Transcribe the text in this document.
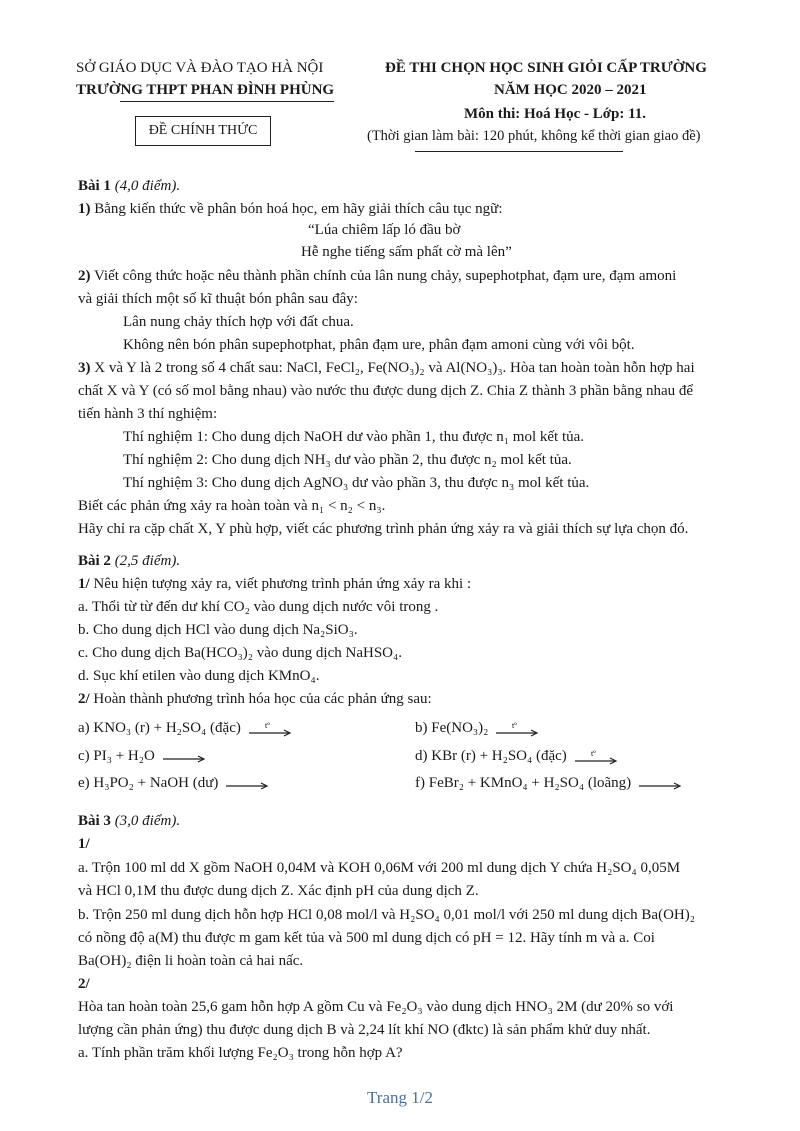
SỞ GIÁO DỤC VÀ ĐÀO TẠO HÀ NỘI
TRƯỜNG THPT PHAN ĐÌNH PHÙNG
ĐỀ CHÍNH THỨC
ĐỀ THI CHỌN HỌC SINH GIỎI CẤP TRƯỜNG
NĂM HỌC 2020 – 2021
Môn thi: Hoá Học - Lớp: 11.
(Thời gian làm bài: 120 phút, không kể thời gian giao đề)
Bài 1 (4,0 điểm).
1) Bằng kiến thức về phân bón hoá học, em hãy giải thích câu tục ngữ:
“Lúa chiêm lấp ló đầu bờ
Hễ nghe tiếng sấm phất cờ mà lên”
2) Viết công thức hoặc nêu thành phần chính của lân nung chảy, supephotphat, đạm ure, đạm amoni
và giải thích một số kĩ thuật bón phân sau đây:
Lân nung chảy thích hợp với đất chua.
Không nên bón phân supephotphat, phân đạm ure, phân đạm amoni cùng với vôi bột.
3) X và Y là 2 trong số 4 chất sau: NaCl, FeCl₂, Fe(NO₃)₂ và Al(NO₃)₃. Hòa tan hoàn toàn hỗn hợp hai
chất X và Y (có số mol bằng nhau) vào nước thu được dung dịch Z. Chia Z thành 3 phần bằng nhau để
tiến hành 3 thí nghiệm:
Thí nghiệm 1: Cho dung dịch NaOH dư vào phần 1, thu được n₁ mol kết tủa.
Thí nghiệm 2: Cho dung dịch NH₃ dư vào phần 2, thu được n₂ mol kết tủa.
Thí nghiệm 3: Cho dung dịch AgNO₃ dư vào phần 3, thu được n₃ mol kết tủa.
Biết các phản ứng xảy ra hoàn toàn và n₁ < n₂ < n₃.
Hãy chỉ ra cặp chất X, Y phù hợp, viết các phương trình phản ứng xảy ra và giải thích sự lựa chọn đó.
Bài 2 (2,5 điểm).
1/ Nêu hiện tượng xảy ra, viết phương trình phản ứng xảy ra khi :
a. Thổi từ từ đến dư khí CO₂ vào dung dịch nước vôi trong .
b. Cho dung dịch HCl vào dung dịch Na₂SiO₃.
c. Cho dung dịch Ba(HCO₃)₂ vào dung dịch NaHSO₄.
d. Sục khí etilen vào dung dịch KMnO₄.
2/ Hoàn thành phương trình hóa học của các phản ứng sau:
a) KNO₃ (r) + H₂SO₄ (đặc)	tº	b) Fe(NO₃)₂	tº
c) PI₃ + H₂O	d) KBr (r) + H₂SO₄ (đặc)	tº
e) H₃PO₂ + NaOH (dư)	f) FeBr₂ + KMnO₄ + H₂SO₄ (loãng)
Bài 3 (3,0 điểm).
1/
a. Trộn 100 ml dd X gồm NaOH 0,04M và KOH 0,06M với 200 ml dung dịch Y chứa H₂SO₄ 0,05M
và HCl 0,1M thu được dung dịch Z. Xác định pH của dung dịch Z.
b. Trộn 250 ml dung dịch hỗn hợp HCl 0,08 mol/l và H₂SO₄ 0,01 mol/l với 250 ml dung dịch Ba(OH)₂
có nồng độ a(M) thu được m gam kết tủa và 500 ml dung dịch có pH = 12. Hãy tính m và a. Coi
Ba(OH)₂ điện li hoàn toàn cả hai nấc.
2/
Hòa tan hoàn toàn 25,6 gam hỗn hợp A gồm Cu và Fe₂O₃ vào dung dịch HNO₃ 2M (dư 20% so với
lượng cần phản ứng) thu được dung dịch B và 2,24 lít khí NO (đktc) là sản phẩm khử duy nhất.
a. Tính phần trăm khối lượng Fe₂O₃ trong hỗn hợp A?
Trang 1/2
